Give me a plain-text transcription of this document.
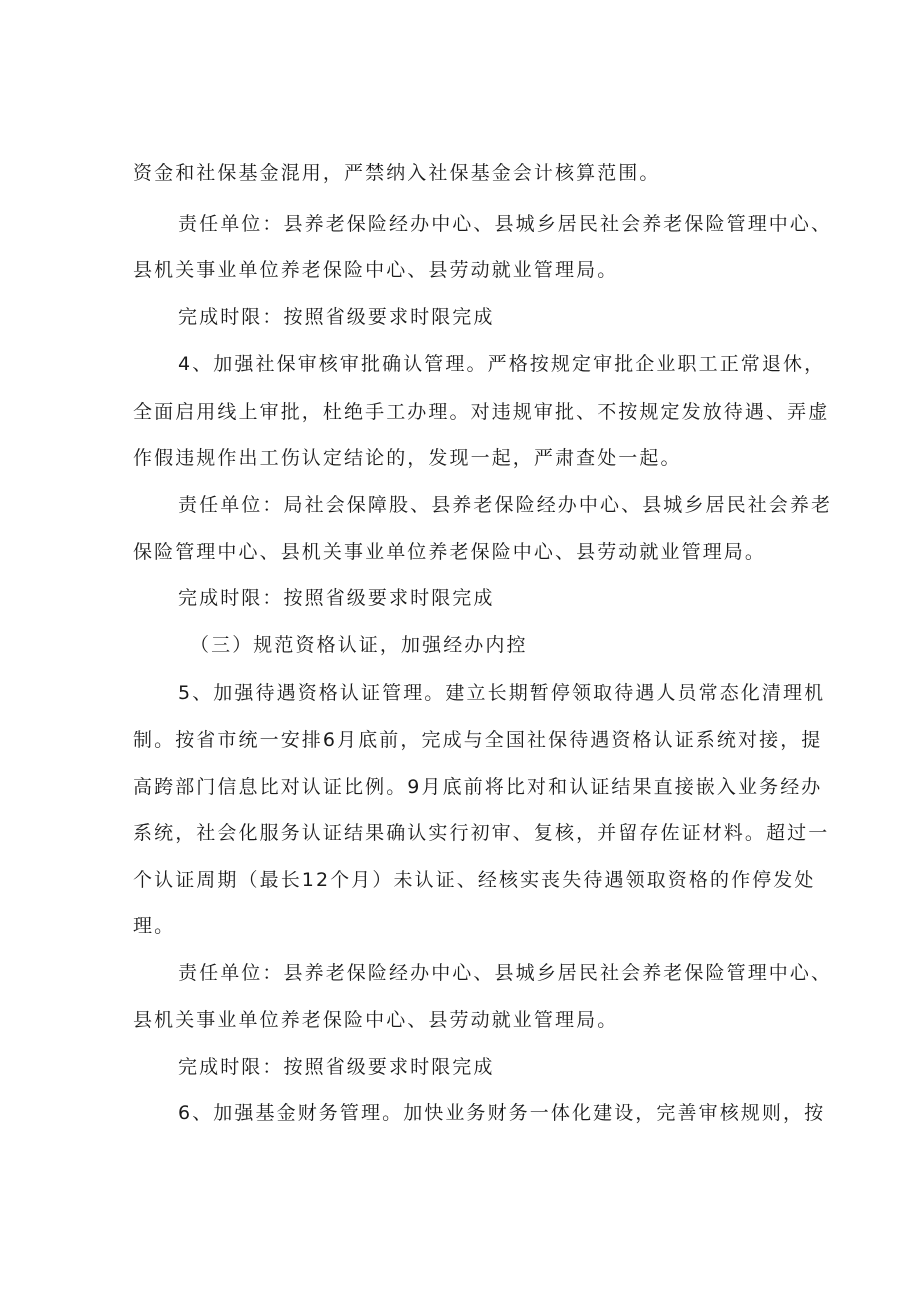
资金和社保基金混用，严禁纳入社保基金会计核算范围。
责任单位：县养老保险经办中心、县城乡居民社会养老保险管理中心、
县机关事业单位养老保险中心、县劳动就业管理局。
完成时限：按照省级要求时限完成
4、加强社保审核审批确认管理。严格按规定审批企业职工正常退休，
全面启用线上审批，杜绝手工办理。对违规审批、不按规定发放待遇、弄虚
作假违规作出工伤认定结论的，发现一起，严肃查处一起。
责任单位：局社会保障股、县养老保险经办中心、县城乡居民社会养老
保险管理中心、县机关事业单位养老保险中心、县劳动就业管理局。
完成时限：按照省级要求时限完成
（三）规范资格认证，加强经办内控
5、加强待遇资格认证管理。建立长期暂停领取待遇人员常态化清理机
制。按省市统一安排6月底前，完成与全国社保待遇资格认证系统对接，提
高跨部门信息比对认证比例。9月底前将比对和认证结果直接嵌入业务经办
系统，社会化服务认证结果确认实行初审、复核，并留存佐证材料。超过一
个认证周期（最长12个月）未认证、经核实丧失待遇领取资格的作停发处
理。
责任单位：县养老保险经办中心、县城乡居民社会养老保险管理中心、
县机关事业单位养老保险中心、县劳动就业管理局。
完成时限：按照省级要求时限完成
6、加强基金财务管理。加快业务财务一体化建设，完善审核规则，按
